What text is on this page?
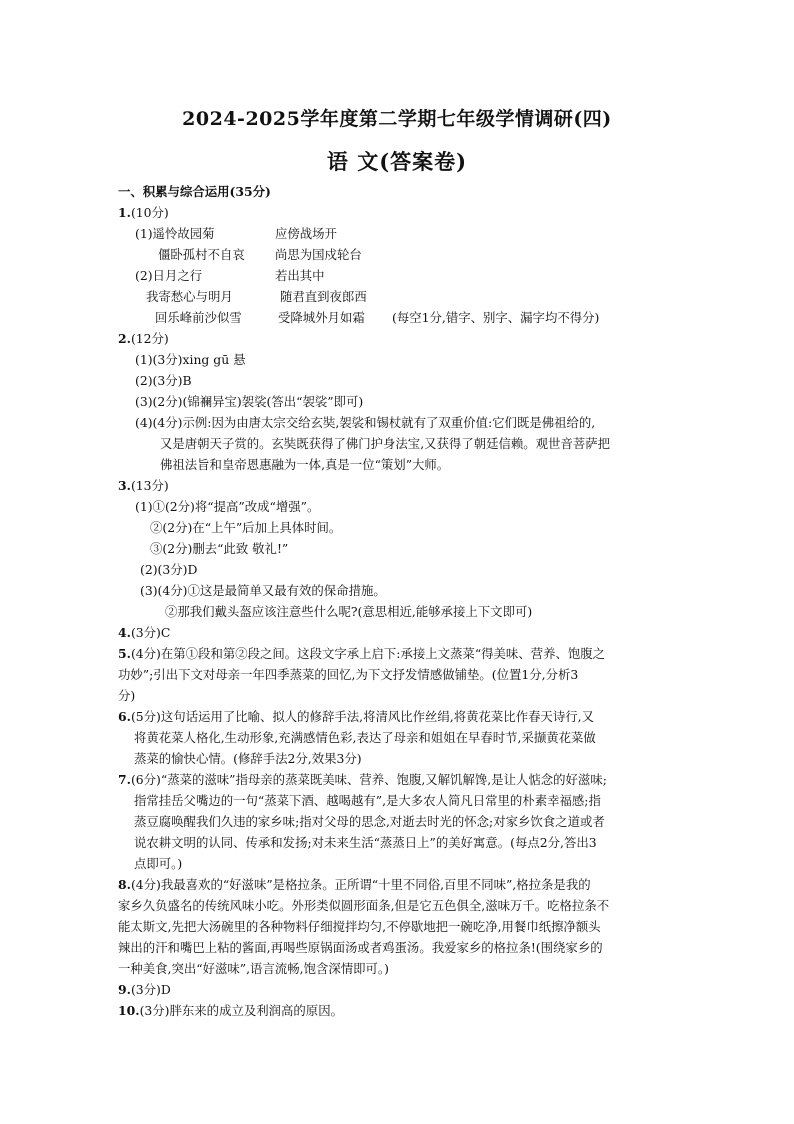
2024-2025学年度第二学期七年级学情调研(四)
语 文(答案卷)
一、积累与综合运用(35分)
1.(10分)
(1)遥怜故园菊	应傍战场开
僵卧孤村不自哀 尚思为国戍轮台
(2)日月之行	若出其中
我寄愁心与明月	随君直到夜郎西
回乐峰前沙似雪	受降城外月如霜 (每空1分,错字、别字、漏字均不得分)
2.(12分)
(1)(3分)xing gū 悬
(2)(3分)B
(3)(2分)(锦襕异宝)袈裟(答出“袈裟”即可)
(4)(4分)示例:因为由唐太宗交给玄奘,袈裟和锡杖就有了双重价值:它们既是佛祖给的,
又是唐朝天子赏的。玄奘既获得了佛门护身法宝,又获得了朝廷信赖。观世音菩萨把
佛祖法旨和皇帝恩惠融为一体,真是一位“策划”大师。
3.(13分)
(1)①(2分)将“提高”改成“增强”。
②(2分)在“上午”后加上具体时间。
③(2分)删去“此致 敬礼!”
(2)(3分)D
(3)(4分)①这是最简单又最有效的保命措施。
②那我们戴头盔应该注意些什么呢?(意思相近,能够承接上下文即可)
4.(3分)C
5.(4分)在第①段和第②段之间。这段文字承上启下:承接上文蒸菜“得美味、营养、饱腹之
功妙”;引出下文对母亲一年四季蒸菜的回忆,为下文抒发情感做铺垫。(位置1分,分析3
分)
6.(5分)这句话运用了比喻、拟人的修辞手法,将清风比作丝绢,将黄花菜比作春天诗行,又
将黄花菜人格化,生动形象,充满感情色彩,表达了母亲和姐姐在早春时节,采撷黄花菜做
蒸菜的愉快心情。(修辞手法2分,效果3分)
7.(6分)“蒸菜的滋味”指母亲的蒸菜既美味、营养、饱腹,又解饥解馋,是让人惦念的好滋味;
指常挂岳父嘴边的一句“蒸菜下酒、越喝越有”,是大多农人简凡日常里的朴素幸福感;指
蒸豆腐唤醒我们久违的家乡味;指对父母的思念,对逝去时光的怀念;对家乡饮食之道或者
说农耕文明的认同、传承和发扬;对未来生活“蒸蒸日上”的美好寓意。(每点2分,答出3
点即可。)
8.(4分)我最喜欢的“好滋味”是格拉条。正所谓“十里不同俗,百里不同味”,格拉条是我的
家乡久负盛名的传统风味小吃。外形类似圆形面条,但是它五色俱全,滋味万千。吃格拉条不
能太斯文,先把大汤碗里的各种物料仔细搅拌均匀,不停歇地把一碗吃净,用餐巾纸擦净额头
辣出的汗和嘴巴上粘的酱面,再喝些原锅面汤或者鸡蛋汤。我爱家乡的格拉条!(围绕家乡的
一种美食,突出“好滋味”,语言流畅,饱含深情即可。)
9.(3分)D
10.(3分)胖东来的成立及利润高的原因。
